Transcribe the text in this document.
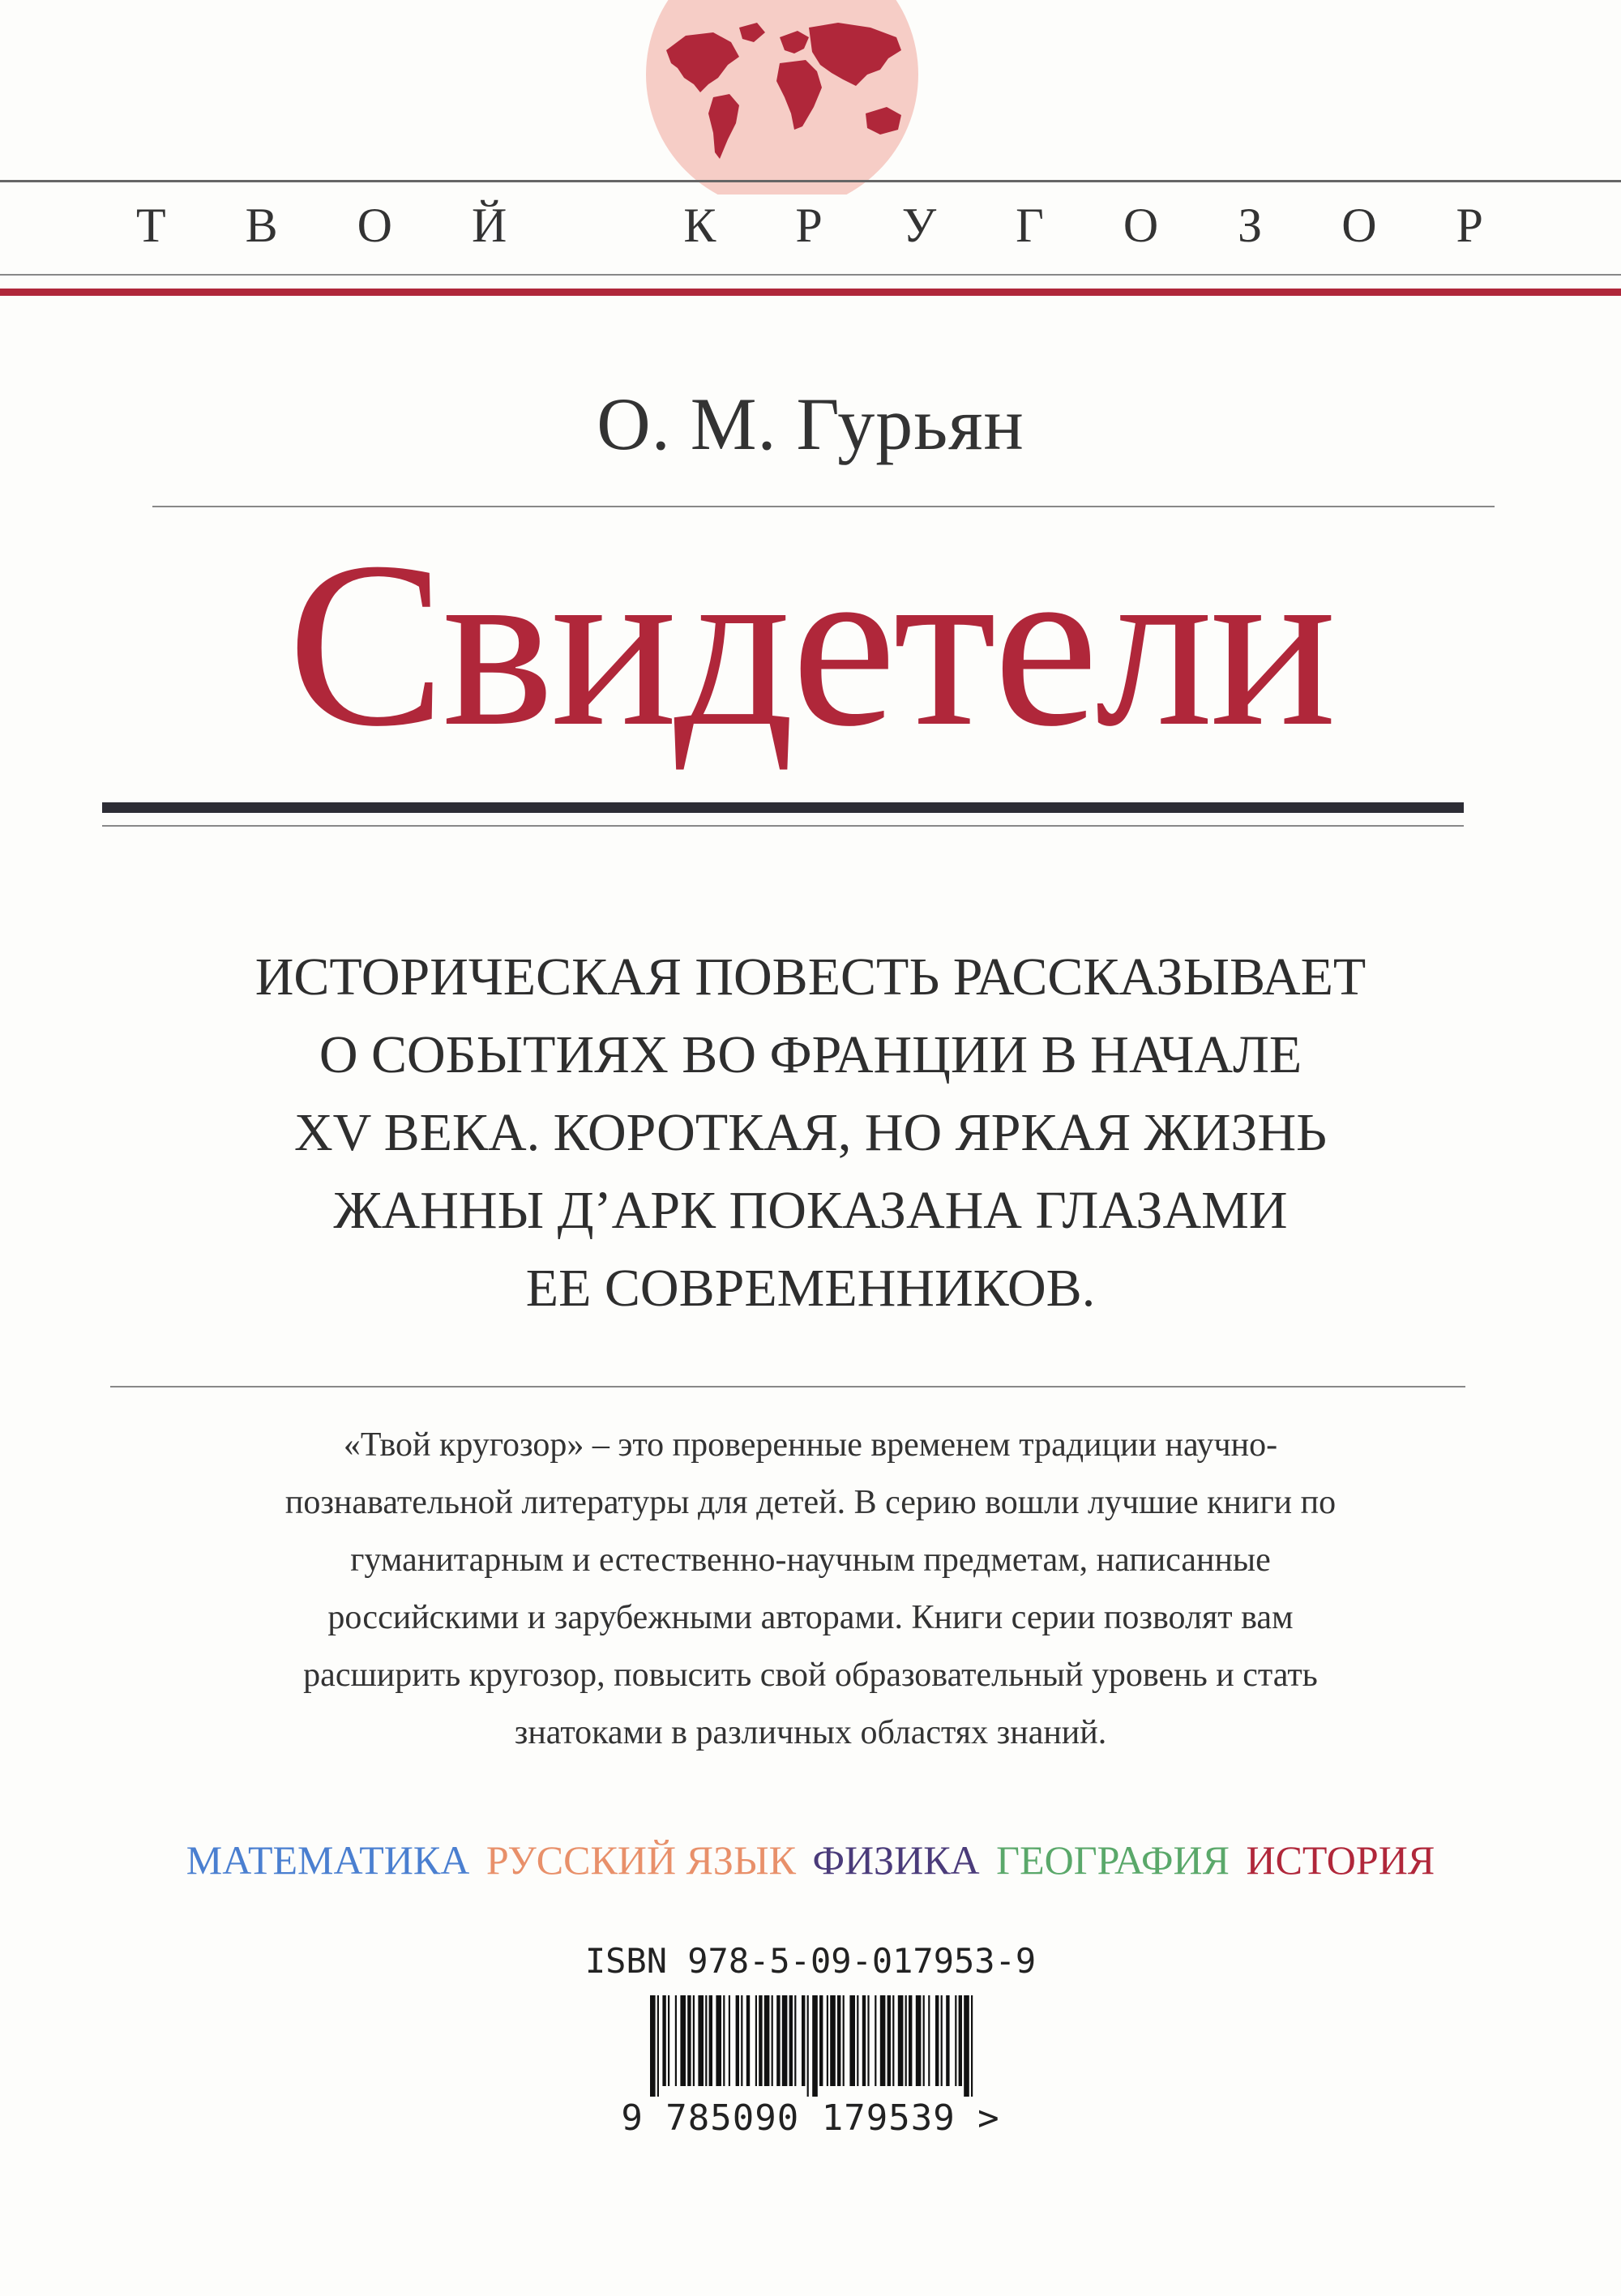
Т В О Й	К Р У Г О З О Р
О. М. Гурьян
Свидетели
ИСТОРИЧЕСКАЯ ПОВЕСТЬ РАССКАЗЫВАЕТ
О СОБЫТИЯХ ВО ФРАНЦИИ В НАЧАЛЕ
XV ВЕКА. КОРОТКАЯ, НО ЯРКАЯ ЖИЗНЬ
ЖАННЫ Д’АРК ПОКАЗАНА ГЛАЗАМИ
ЕЕ СОВРЕМЕННИКОВ.
«Твой кругозор» – это проверенные временем традиции научно-
познавательной литературы для детей. В серию вошли лучшие книги по
гуманитарным и естественно-научным предметам, написанные
российскими и зарубежными авторами. Книги серии позволят вам
расширить кругозор, повысить свой образовательный уровень и стать
знатоками в различных областях знаний.
МАТЕМАТИКА РУССКИЙ ЯЗЫК ФИЗИКА ГЕОГРАФИЯ ИСТОРИЯ
ISBN 978-5-09-017953-9
9 785090 179539 >
